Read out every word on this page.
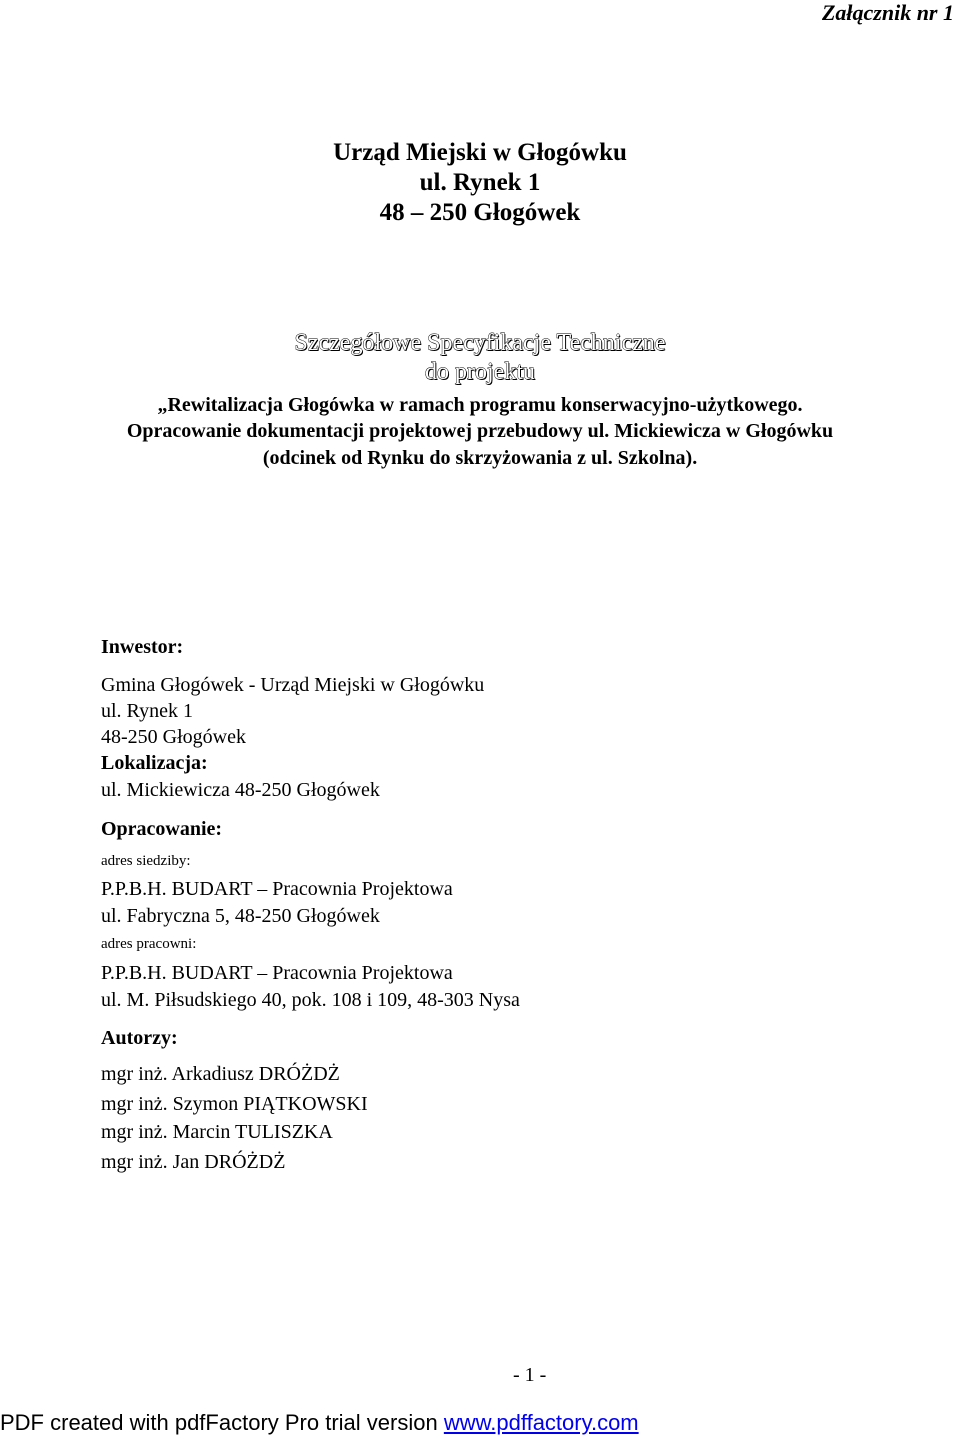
Załącznik nr 1
Urząd Miejski w Głogówku
ul. Rynek 1
48 – 250 Głogówek
Szczegółowe Specyfikacje Techniczne
do projektu
„Rewitalizacja Głogówka w ramach programu konserwacyjno-użytkowego.
Opracowanie dokumentacji projektowej przebudowy ul. Mickiewicza w Głogówku
(odcinek od Rynku do skrzyżowania z ul. Szkolna).
Inwestor:
Gmina Głogówek - Urząd Miejski w Głogówku
ul. Rynek 1
48-250 Głogówek
Lokalizacja:
ul. Mickiewicza 48-250 Głogówek
Opracowanie:
adres siedziby:
P.P.B.H. BUDART – Pracownia Projektowa
ul. Fabryczna 5, 48-250 Głogówek
adres pracowni:
P.P.B.H. BUDART – Pracownia Projektowa
ul. M. Piłsudskiego 40, pok. 108 i 109, 48-303 Nysa
Autorzy:
mgr inż. Arkadiusz DRÓŻDŻ
mgr inż. Szymon PIĄTKOWSKI
mgr inż. Marcin TULISZKA
mgr inż. Jan DRÓŻDŻ
- 1 -
PDF created with pdfFactory Pro trial version www.pdffactory.com
